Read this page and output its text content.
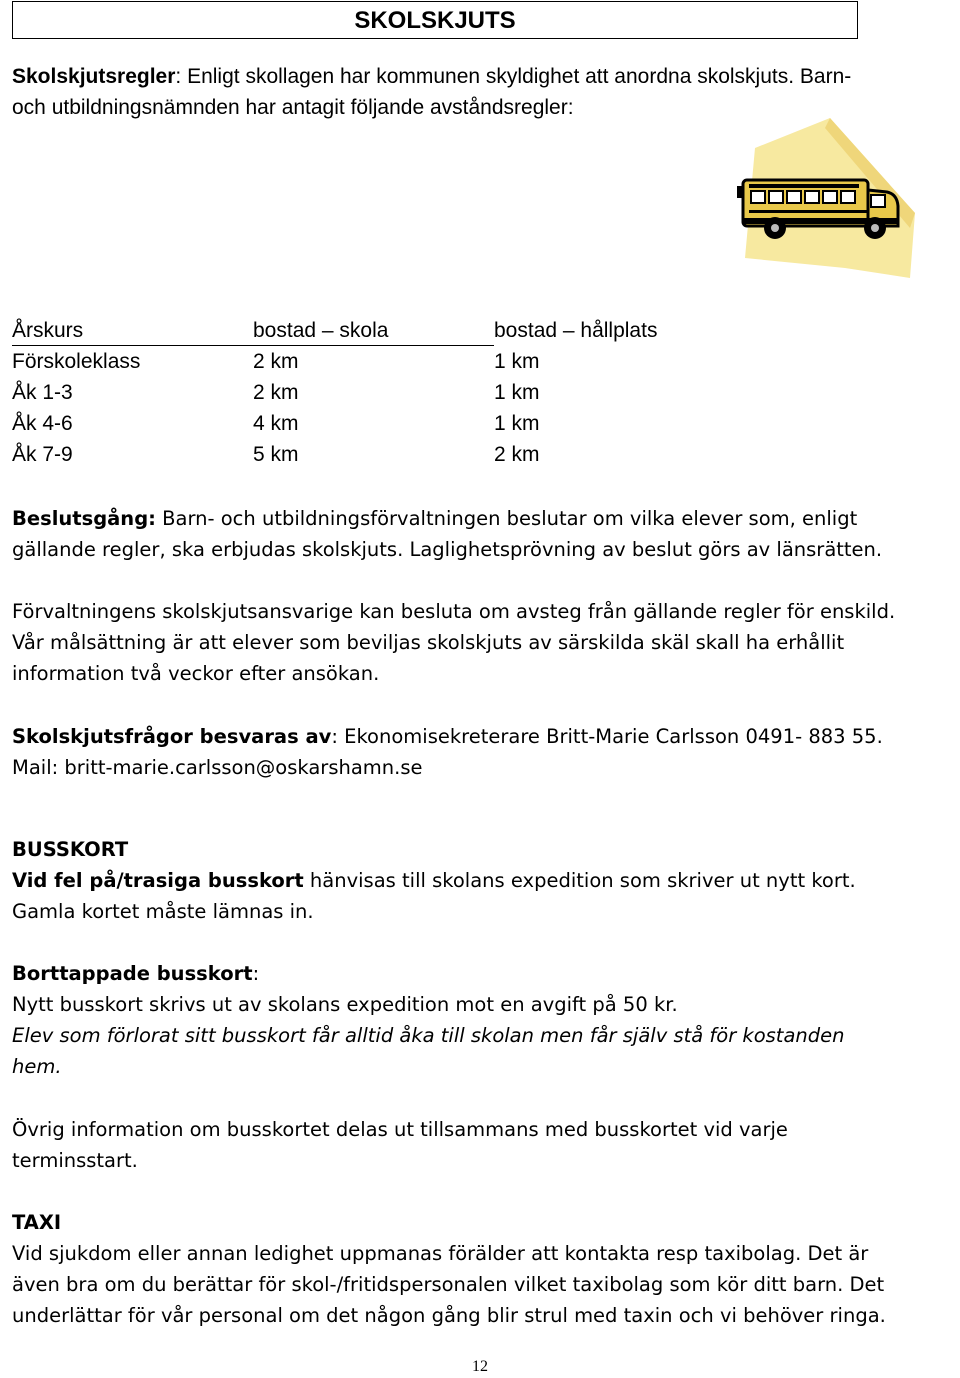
SKOLSKJUTS
Skolskjutsregler: Enligt skollagen har kommunen skyldighet att anordna skolskjuts. Barn-
och utbildningsnämnden har antagit följande avståndsregler:
Årskurs	bostad – skola	bostad – hållplats
Förskoleklass	2 km	1 km
Åk 1-3	2 km	1 km
Åk 4-6	4 km	1 km
Åk 7-9	5 km	2 km
Beslutsgång: Barn- och utbildningsförvaltningen beslutar om vilka elever som, enligt
gällande regler, ska erbjudas skolskjuts. Laglighetsprövning av beslut görs av länsrätten.
Förvaltningens skolskjutsansvarige kan besluta om avsteg från gällande regler för enskild.
Vår målsättning är att elever som beviljas skolskjuts av särskilda skäl skall ha erhållit
information två veckor efter ansökan.
Skolskjutsfrågor besvaras av: Ekonomisekreterare Britt-Marie Carlsson 0491- 883 55.
Mail: britt-marie.carlsson@oskarshamn.se
BUSSKORT
Vid fel på/trasiga busskort hänvisas till skolans expedition som skriver ut nytt kort.
Gamla kortet måste lämnas in.
Borttappade busskort:
Nytt busskort skrivs ut av skolans expedition mot en avgift på 50 kr.
Elev som förlorat sitt busskort får alltid åka till skolan men får själv stå för kostanden
hem.
Övrig information om busskortet delas ut tillsammans med busskortet vid varje
terminsstart.
TAXI
Vid sjukdom eller annan ledighet uppmanas förälder att kontakta resp taxibolag. Det är
även bra om du berättar för skol-/fritidspersonalen vilket taxibolag som kör ditt barn. Det
underlättar för vår personal om det någon gång blir strul med taxin och vi behöver ringa.
12
